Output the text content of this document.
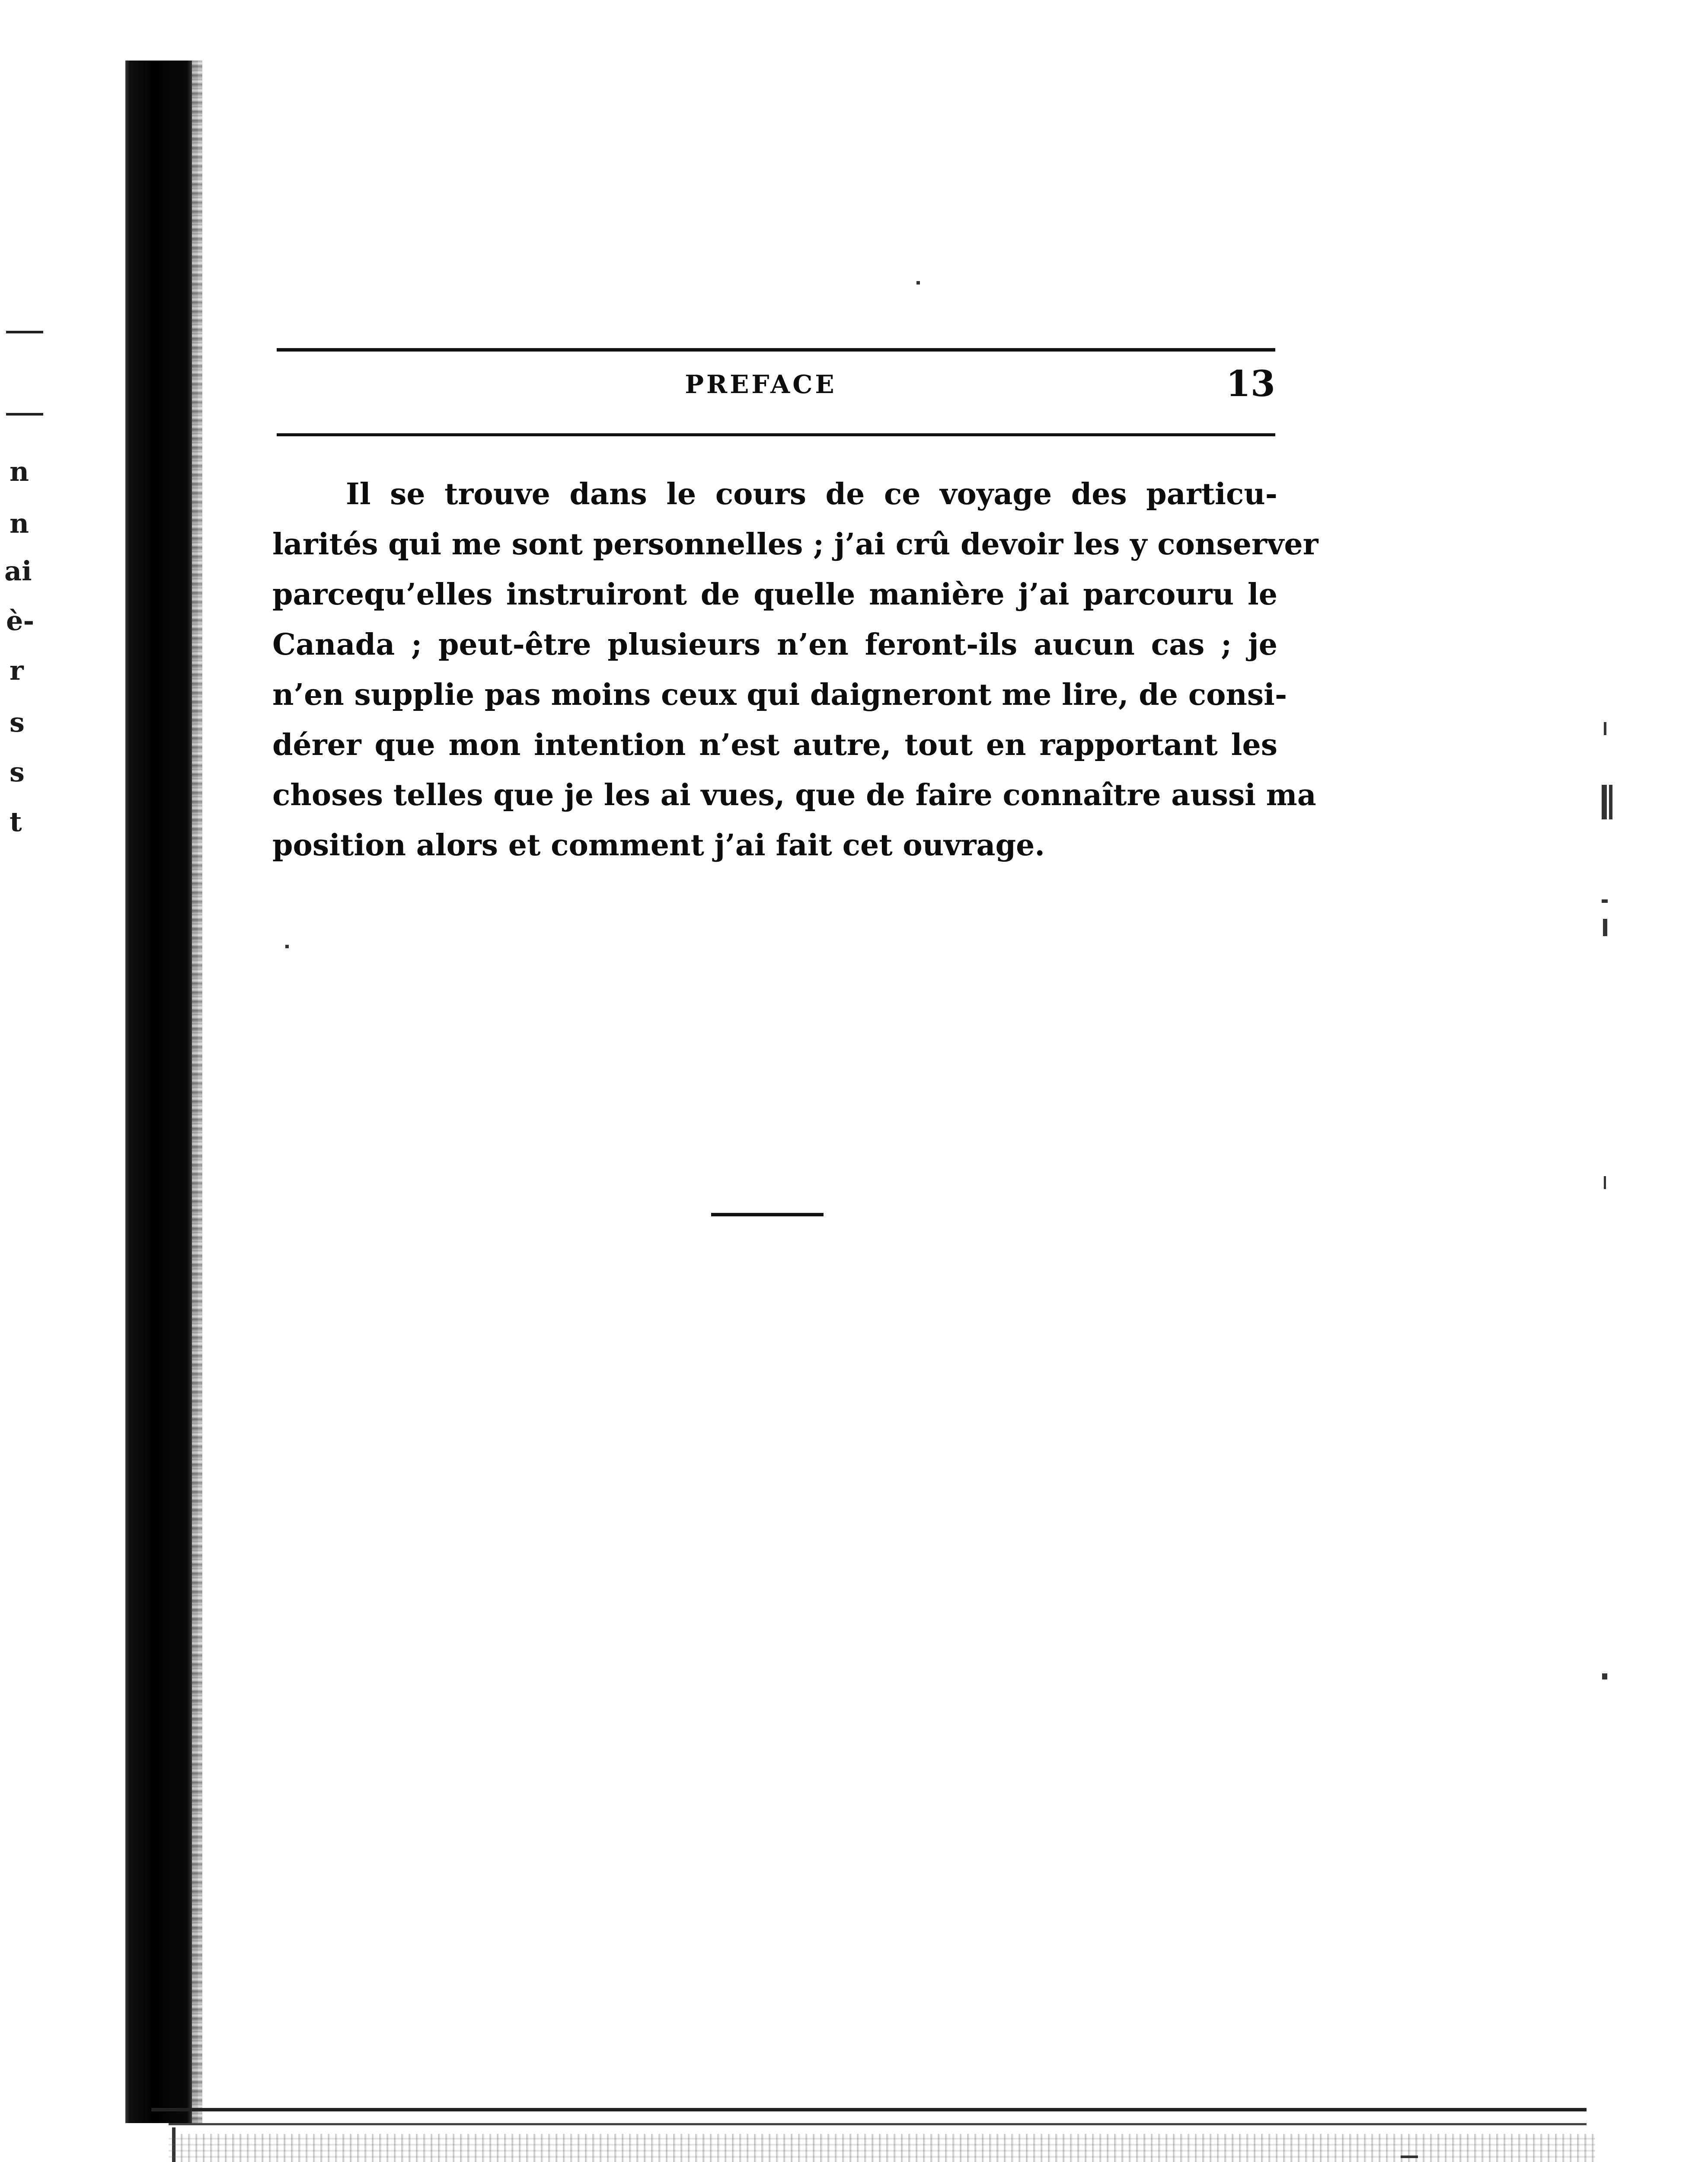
n
n
ai
è-
r
s
s
t
PREFACE	13
Il se trouve dans le cours de ce voyage des particu-
larités qui me sont personnelles ; j’ai crû devoir les y conserver
parcequ’elles instruiront de quelle manière j’ai parcouru le
Canada ; peut-être plusieurs n’en feront-ils aucun cas ; je
n’en supplie pas moins ceux qui daigneront me lire, de consi-
dérer que mon intention n’est autre, tout en rapportant les
choses telles que je les ai vues, que de faire connaître aussi ma
position alors et comment j’ai fait cet ouvrage.
